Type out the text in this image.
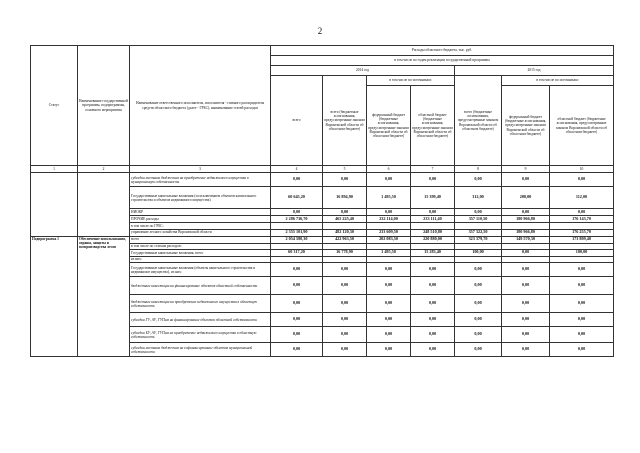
2
Статус	Наименование государственной программы, подпрограммы, основного мероприятия	Наименование ответственного исполнителя, исполнителя - главного распорядителя средств областного бюджета (далее - ГРБС), наименование статей расходов	Расходы областного бюджета, тыс. руб.						
			в том числе по годам реализации государственной программы						
			2014 год				2015 год		
			всего	всего (бюджетные ассигнования, предусмотренные законом Воронежской области об областном бюджете)	в том числе по источникам:		всего (бюджетные ассигнования, предусмотренные законом Воронежской области об областном бюджете)	в том числе по источникам:	
					федеральный бюджет (бюджетные ассигнования, предусмотренные законом Воронежской области об областном бюджете)	областной бюджет (бюджетные ассигнования, предусмотренные законом Воронежской области об областном бюджете)		федеральный бюджет (бюджетные ассигнования, предусмотренные законом Воронежской области об областном бюджете)	областной бюджет (бюджетные ассигнования, предусмотренные законом Воронежской области об областном бюджете)
1	2	3	4	5	6	7	8	9	10
		субсидии местным бюджетам на приобретение недвижимого имущества в муниципальную собственность	0,00	0,00	0,00	0,00	0,00	0,00	0,00
		Государственные капитальные вложения (за исключением объектов капитального строительства и объектов недвижимого имущества)	60 645,20	16 894,90	1 495,50	15 399,40	312,00	200,00	112,00
		НИОКР	0,00	0,00	0,00	0,00	0,00	0,00	0,00
		ПРОЧИЕ расходы	2 286 736,70	465 225,40	232 114,00	233 111,40	357 110,50	180 966,80	176 143,70
		в том числе по ГРБС:							
		управление лесного хозяйства Воронежской области	2 355 101,90	482 120,30	233 609,50	248 510,80	357 322,50	180 966,80	176 255,70
Подпрограмма 1	Обеспечение использования, охраны, защиты и воспроизводства лесов	всего	2 054 580,30	422 963,50	202 083,50	220 880,00	323 379,70	149 570,30	173 809,40
		в том числе по статьям расходов:							
		Государственные капитальные вложения, всего	60 317,20	16 778,90	1 495,50	15 283,40	100,00	0,00	100,00
		из них:							
		Государственные капитальные вложения (объекты капитального строительства и недвижимое имущество), из них:	0,00	0,00	0,00	0,00	0,00	0,00	0,00
		бюджетные инвестиции на финансирование объектов областной собственности	0,00	0,00	0,00	0,00	0,00	0,00	0,00
		бюджетные инвестиции на приобретение недвижимого имущества в областную собственность	0,00	0,00	0,00	0,00	0,00	0,00	0,00
		субсидии ГУ, АУ, ГУПам на финансирование объектов областной собственности	0,00	0,00	0,00	0,00	0,00	0,00	0,00
		субсидии БУ, АУ, ГУПам на приобретение недвижимого имущества в областную собственность	0,00	0,00	0,00	0,00	0,00	0,00	0,00
		субсидии местным бюджетам на софинансирование объектов муниципальной собственности	0,00	0,00	0,00	0,00	0,00	0,00	0,00
